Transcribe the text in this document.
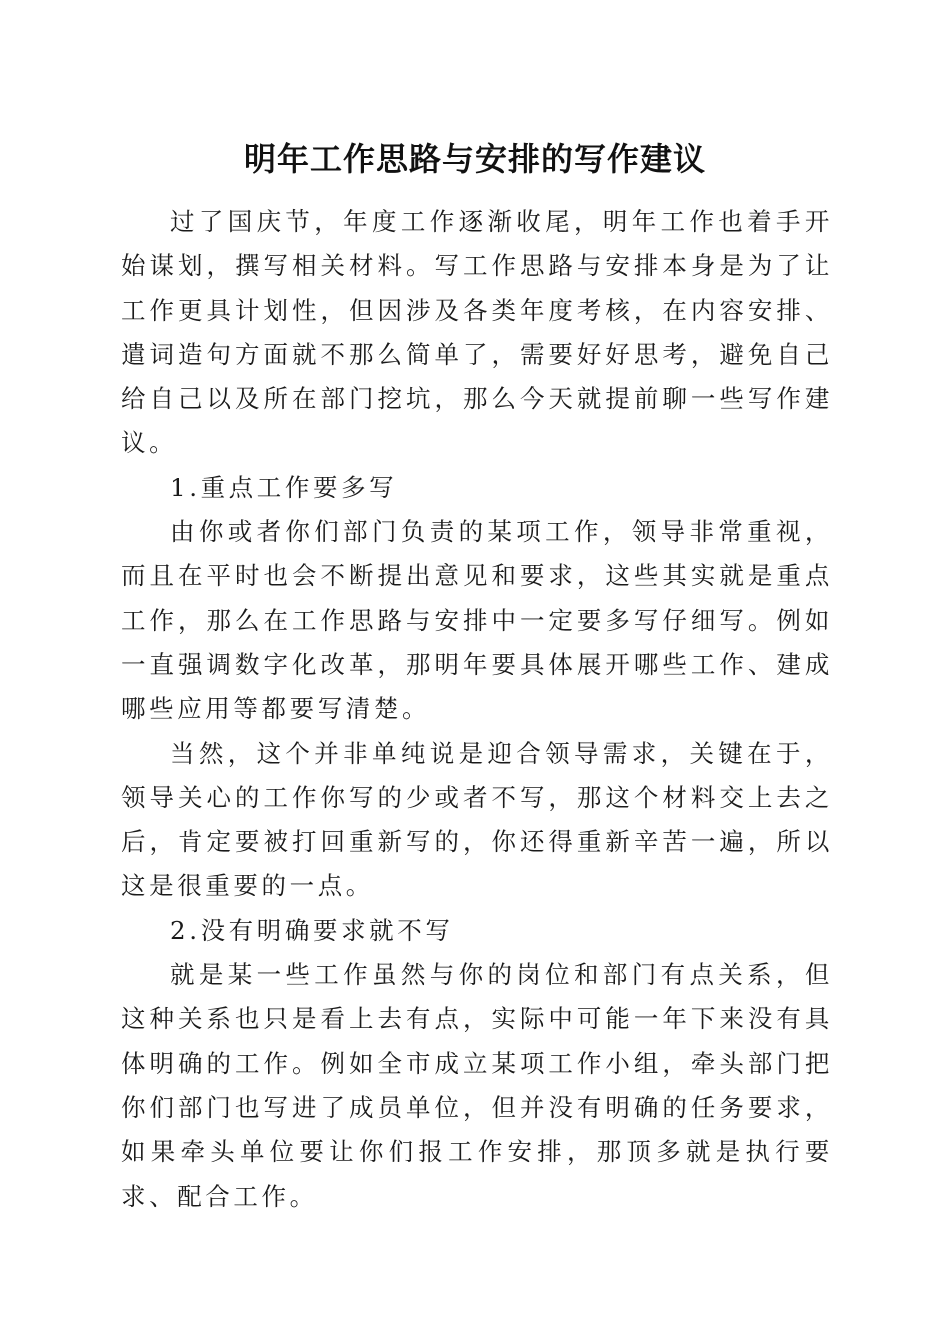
明年工作思路与安排的写作建议

过了国庆节，年度工作逐渐收尾，明年工作也着手开始谋划，撰写相关材料。写工作思路与安排本身是为了让工作更具计划性，但因涉及各类年度考核，在内容安排、遣词造句方面就不那么简单了，需要好好思考，避免自己给自己以及所在部门挖坑，那么今天就提前聊一些写作建议。

1.重点工作要多写

由你或者你们部门负责的某项工作，领导非常重视，而且在平时也会不断提出意见和要求，这些其实就是重点工作，那么在工作思路与安排中一定要多写仔细写。例如一直强调数字化改革，那明年要具体展开哪些工作、建成哪些应用等都要写清楚。

当然，这个并非单纯说是迎合领导需求，关键在于，领导关心的工作你写的少或者不写，那这个材料交上去之后，肯定要被打回重新写的，你还得重新辛苦一遍，所以这是很重要的一点。

2.没有明确要求就不写

就是某一些工作虽然与你的岗位和部门有点关系，但这种关系也只是看上去有点，实际中可能一年下来没有具体明确的工作。例如全市成立某项工作小组，牵头部门把你们部门也写进了成员单位，但并没有明确的任务要求，如果牵头单位要让你们报工作安排，那顶多就是执行要求、配合工作。
